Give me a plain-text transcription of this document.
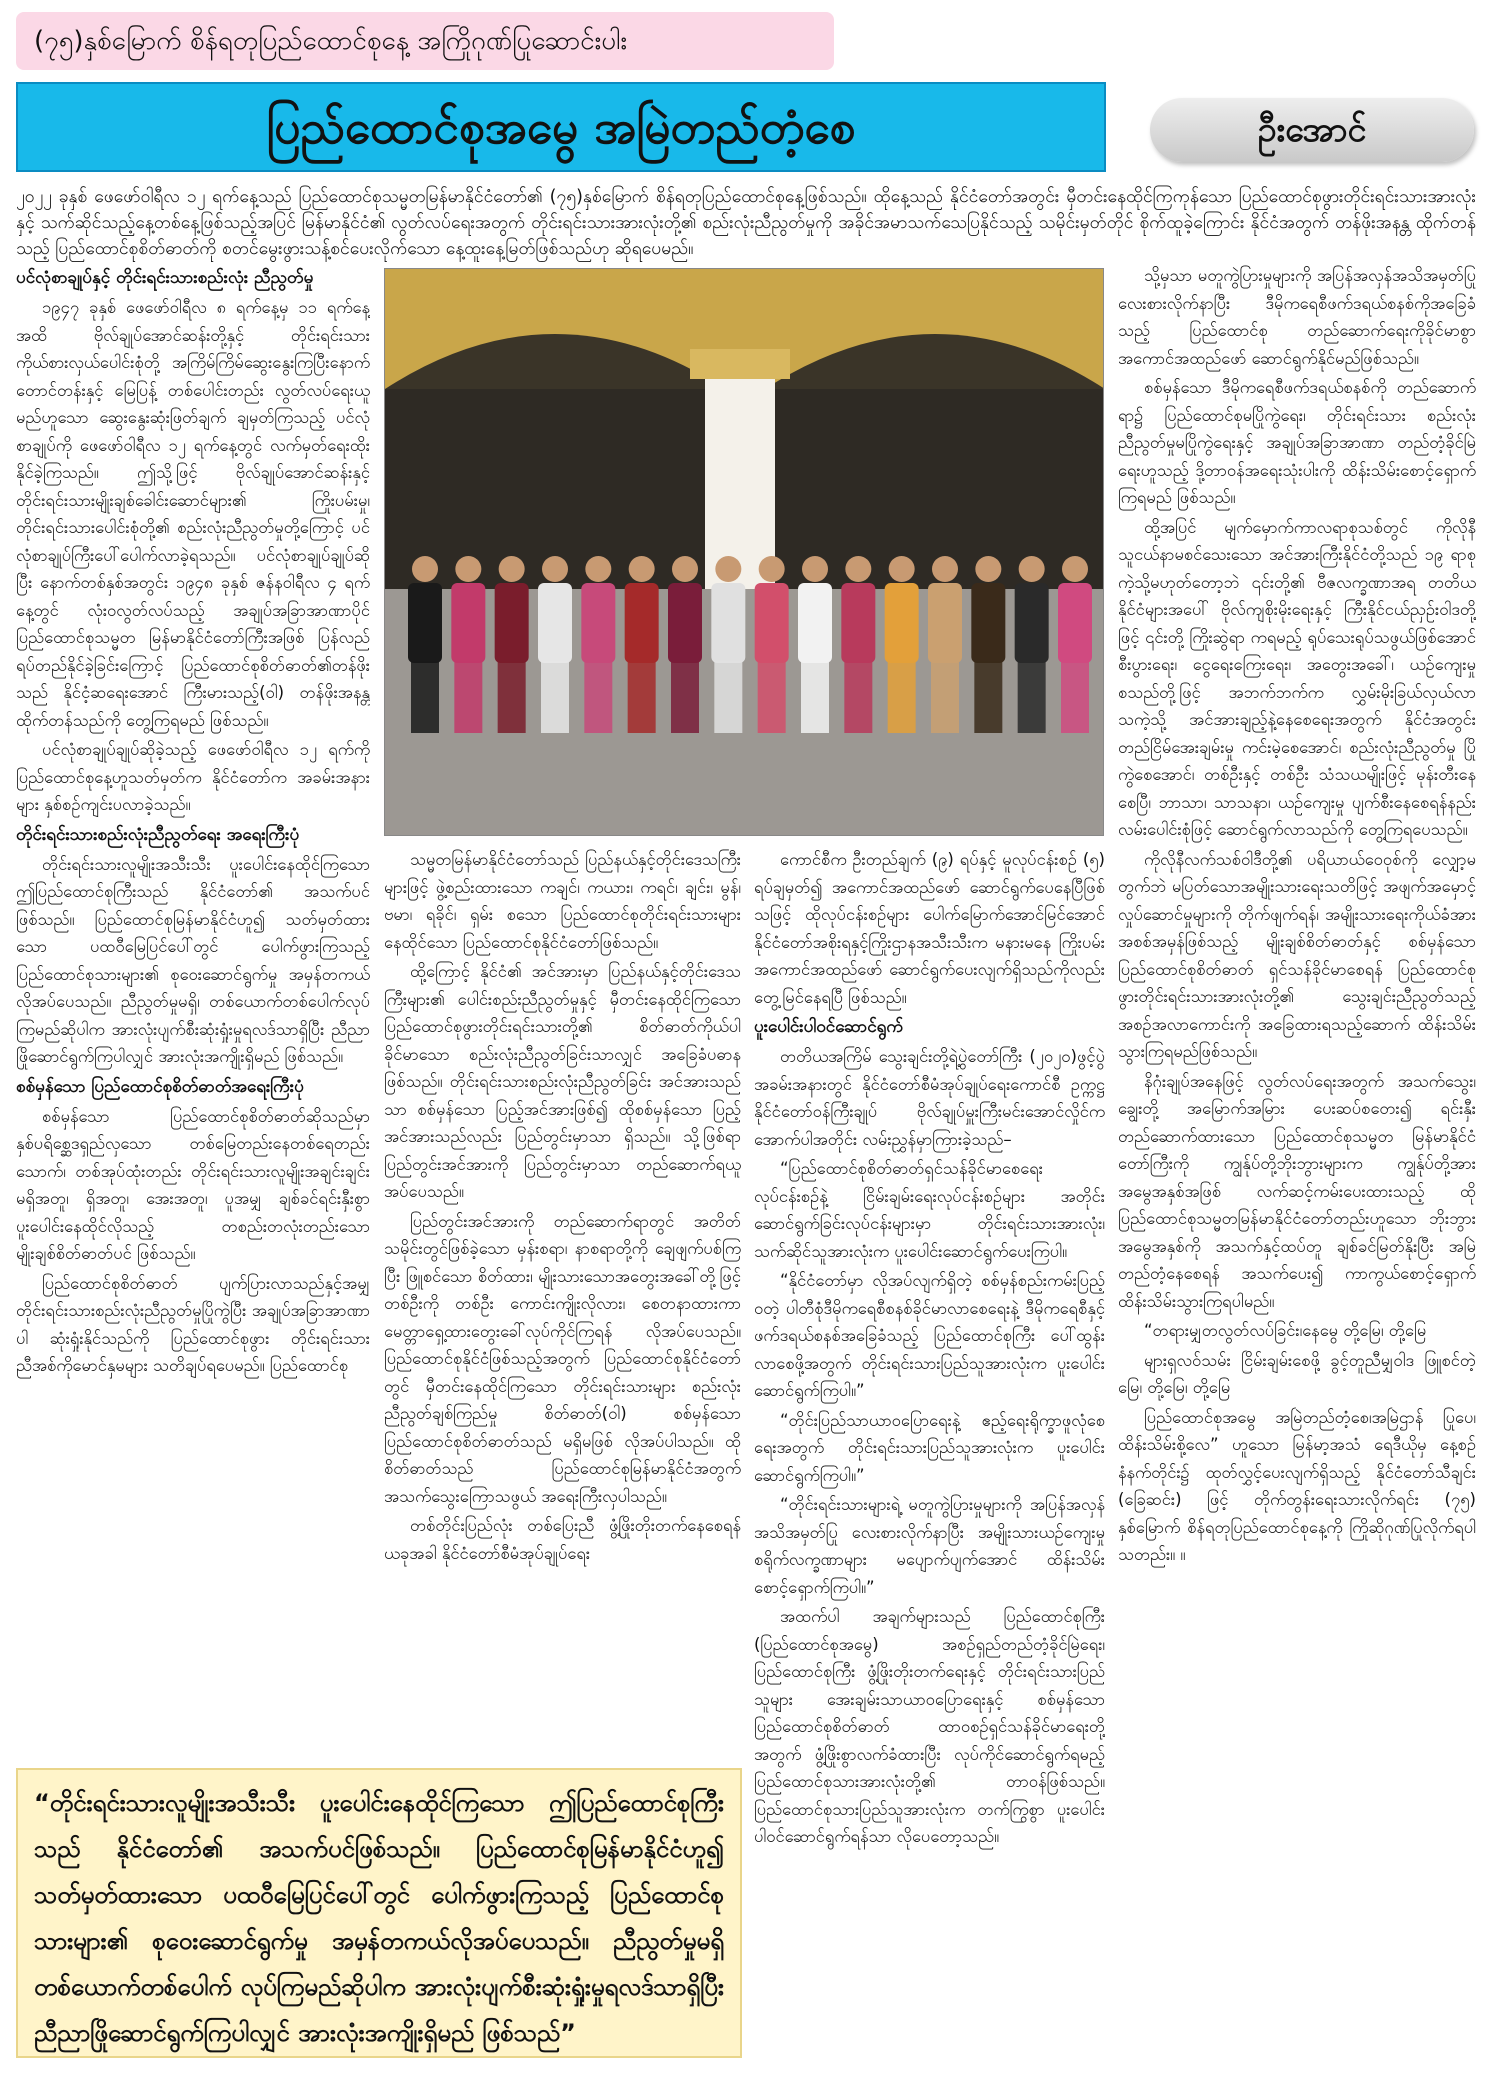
(၇၅)နှစ်မြောက် စိန်ရတုပြည်ထောင်စုနေ့ အကြိုဂုဏ်ပြုဆောင်းပါး
ပြည်ထောင်စုအမွေ အမြဲတည်တံ့စေ	ဦးအောင်
၂၀၂၂ ခုနှစ် ဖေဖော်ဝါရီလ ၁၂ ရက်နေ့သည် ပြည်ထောင်စုသမ္မတမြန်မာနိုင်ငံတော်၏ (၇၅)နှစ်မြောက် စိန်ရတုပြည်ထောင်စုနေ့ဖြစ်သည်။ ထိုနေ့သည် နိုင်ငံတော်အတွင်း မှီတင်းနေထိုင်ကြကုန်သော ပြည်ထောင်စုဖွားတိုင်းရင်းသားအားလုံးနှင့် သက်ဆိုင်သည့်နေ့တစ်နေ့ဖြစ်သည့်အပြင် မြန်မာနိုင်ငံ၏ လွတ်လပ်ရေးအတွက် တိုင်းရင်းသားအားလုံးတို့၏ စည်းလုံးညီညွတ်မှုကို အခိုင်အမာသက်သေပြနိုင်သည့် သမိုင်းမှတ်တိုင် စိုက်ထူခဲ့ကြောင်း နိုင်ငံအတွက် တန်ဖိုးအနန္တ ထိုက်တန်သည့် ပြည်ထောင်စုစိတ်ဓာတ်ကို စတင်မွေးဖွားသန့်စင်ပေးလိုက်သော နေ့ထူးနေ့မြတ်ဖြစ်သည်ဟု ဆိုရပေမည်။
ပင်လုံစာချုပ်နှင့် တိုင်းရင်းသားစည်းလုံး ညီညွတ်မှု

၁၉၄၇ ခုနှစ် ဖေဖော်ဝါရီလ ၈ ရက်နေ့မှ ၁၁ ရက်နေ့အထိ ဗိုလ်ချုပ်အောင်ဆန်းတို့နှင့် တိုင်းရင်းသားကိုယ်စားလှယ်ပေါင်းစုံတို့ အကြိမ်ကြိမ်ဆွေးနွေးကြပြီးနောက် တောင်တန်းနှင့် မြေပြန့် တစ်ပေါင်းတည်း လွတ်လပ်ရေးယူမည်ဟူသော ဆွေးနွေးဆုံးဖြတ်ချက် ချမှတ်ကြသည့် ပင်လုံစာချုပ်ကို ဖေဖော်ဝါရီလ ၁၂ ရက်နေ့တွင် လက်မှတ်ရေးထိုးနိုင်ခဲ့ကြသည်။ ဤသို့ဖြင့် ဗိုလ်ချုပ်အောင်ဆန်းနှင့် တိုင်းရင်းသားမျိုးချစ်ခေါင်းဆောင်များ၏ ကြိုးပမ်းမှု၊ တိုင်းရင်းသားပေါင်းစုံတို့၏ စည်းလုံးညီညွတ်မှုတို့ကြောင့် ပင်လုံစာချုပ်ကြီးပေါ်ပေါက်လာခဲ့ရသည်။ ပင်လုံစာချုပ်ချုပ်ဆိုပြီး နောက်တစ်နှစ်အတွင်း ၁၉၄၈ ခုနှစ် ဇန်နဝါရီလ ၄ ရက်နေ့တွင် လုံးဝလွတ်လပ်သည့် အချုပ်အခြာအာဏာပိုင် ပြည်ထောင်စုသမ္မတ မြန်မာနိုင်ငံတော်ကြီးအဖြစ် ပြန်လည်ရပ်တည်နိုင်ခဲ့ခြင်းကြောင့် ပြည်ထောင်စုစိတ်ဓာတ်၏တန်ဖိုးသည် နိုင်ငံ့ဆရေးအောင် ကြီးမားသည့်(ဝါ) တန်ဖိုးအနန္တထိုက်တန်သည်ကို တွေ့ကြရမည် ဖြစ်သည်။

ပင်လုံစာချုပ်ချုပ်ဆိုခဲ့သည့် ဖေဖော်ဝါရီလ ၁၂ ရက်ကို ပြည်ထောင်စုနေ့ဟူသတ်မှတ်က နိုင်ငံတော်က အခမ်းအနားများ နှစ်စဉ်ကျင်းပလာခဲ့သည်။

တိုင်းရင်းသားစည်းလုံးညီညွတ်ရေး အရေးကြီးပုံ

တိုင်းရင်းသားလူမျိုးအသီးသီး ပူးပေါင်းနေထိုင်ကြသော ဤပြည်ထောင်စုကြီးသည် နိုင်ငံတော်၏ အသက်ပင်ဖြစ်သည်။ ပြည်ထောင်စုမြန်မာနိုင်ငံဟူ၍ သတ်မှတ်ထားသော ပထဝီမြေပြင်ပေါ်တွင် ပေါက်ဖွားကြသည့် ပြည်ထောင်စုသားများ၏ စုဝေးဆောင်ရွက်မှု အမှန်တကယ်လိုအပ်ပေသည်။ ညီညွတ်မှုမရှိ၊ တစ်ယောက်တစ်ပေါက်လုပ်ကြမည်ဆိုပါက အားလုံးပျက်စီးဆုံးရှုံးမှုရလဒ်သာရှိပြီး ညီညာဖြိုဆောင်ရွက်ကြပါလျှင် အားလုံးအကျိုးရှိမည် ဖြစ်သည်။

စစ်မှန်သော ပြည်ထောင်စုစိတ်ဓာတ်အရေးကြီးပုံ

စစ်မှန်သော ပြည်ထောင်စုစိတ်ဓာတ်ဆိုသည်မှာ နှစ်ပရိစ္ဆေဒရှည်လှသော တစ်မြေတည်းနေတစ်ရေတည်းသောက်၊ တစ်အုပ်ထုံးတည်း တိုင်းရင်းသားလူမျိုးအချင်းချင်း မရှိအတူ၊ ရှိအတူ၊ အေးအတူ၊ ပူအမျှ ချစ်ခင်ရင်းနှီးစွာ ပူးပေါင်းနေထိုင်လိုသည့် တစည်းတလုံးတည်းသော မျိုးချစ်စိတ်ဓာတ်ပင် ဖြစ်သည်။

ပြည်ထောင်စုစိတ်ဓာတ် ပျက်ပြားလာသည်နှင့်အမျှ တိုင်းရင်းသားစည်းလုံးညီညွတ်မှုပြိုကွဲပြီး အချုပ်အခြာအာဏာပါ ဆုံးရှုံးနိုင်သည်ကို ပြည်ထောင်စုဖွား တိုင်းရင်းသားညီအစ်ကိုမောင်နှမများ သတိချပ်ရပေမည်။ ပြည်ထောင်စု

သမ္မတမြန်မာနိုင်ငံတော်သည် ပြည်နယ်နှင့်တိုင်းဒေသကြီးများဖြင့် ဖွဲ့စည်းထားသော ကချင်၊ ကယား၊ ကရင်၊ ချင်း၊ မွန်၊ ဗမာ၊ ရခိုင်၊ ရှမ်း စသော ပြည်ထောင်စုတိုင်းရင်းသားများ နေထိုင်သော ပြည်ထောင်စုနိုင်ငံတော်ဖြစ်သည်။

ထို့ကြောင့် နိုင်ငံ၏ အင်အားမှာ ပြည်နယ်နှင့်တိုင်းဒေသကြီးများ၏ ပေါင်းစည်းညီညွတ်မှုနှင့် မှီတင်းနေထိုင်ကြသော ပြည်ထောင်စုဖွားတိုင်းရင်းသားတို့၏ စိတ်ဓာတ်ကိုယ်ပါ ခိုင်မာသော စည်းလုံးညီညွတ်ခြင်းသာလျှင် အခြေခံပဓာနဖြစ်သည်။ တိုင်းရင်းသားစည်းလုံးညီညွတ်ခြင်း အင်အားသည်သာ စစ်မှန်သော ပြည့်အင်အားဖြစ်၍ ထိုစစ်မှန်သော ပြည့်အင်အားသည်လည်း ပြည်တွင်းမှာသာ ရှိသည်။ သို့ဖြစ်ရာ ပြည်တွင်းအင်အားကို ပြည်တွင်းမှာသာ တည်ဆောက်ရယူအပ်ပေသည်။

ပြည်တွင်းအင်အားကို တည်ဆောက်ရာတွင် အတိတ်သမိုင်းတွင်ဖြစ်ခဲ့သော မှန်းစရာ၊ နာစရာတို့ကို ချေဖျက်ပစ်ကြပြီး ဖြူစင်သော စိတ်ထား၊ မျိုးသားသောအတွေးအခေါ်တို့ဖြင့် တစ်ဦးကို တစ်ဦး ကောင်းကျိုးလိုလား၊ စေတနာထားကာ မေတ္တာရှေ့ထားတွေးခေါ်လုပ်ကိုင်ကြရန် လိုအပ်ပေသည်။ ပြည်ထောင်စုနိုင်ငံဖြစ်သည့်အတွက် ပြည်ထောင်စုနိုင်ငံတော်တွင် မှီတင်းနေထိုင်ကြသော တိုင်းရင်းသားများ စည်းလုံးညီညွတ်ချစ်ကြည်မှု စိတ်ဓာတ်(ဝါ) စစ်မှန်သော ပြည်ထောင်စုစိတ်ဓာတ်သည် မရှိမဖြစ် လိုအပ်ပါသည်။ ထိုစိတ်ဓာတ်သည် ပြည်ထောင်စုမြန်မာနိုင်ငံအတွက် အသက်သွေးကြောသဖွယ် အရေးကြီးလှပါသည်။

တစ်တိုင်းပြည်လုံး တစ်ပြေးညီ ဖွံ့ဖြိုးတိုးတက်နေစေရန် ယခုအခါ နိုင်ငံတော်စီမံအုပ်ချုပ်ရေး

ကောင်စီက ဦးတည်ချက် (၉) ရပ်နှင့် မူလုပ်ငန်းစဉ် (၅) ရပ်ချမှတ်၍ အကောင်အထည်ဖော် ဆောင်ရွက်ပေနေပြီဖြစ်သဖြင့် ထိုလုပ်ငန်းစဉ်များ ပေါက်မြောက်အောင်မြင်အောင် နိုင်ငံတော်အစိုးရနှင့်ကြိုးဌာနအသီးသီးက မနားမနေ ကြိုးပမ်းအကောင်အထည်ဖော် ဆောင်ရွက်ပေးလျက်ရှိသည်ကိုလည်း တွေ့မြင်နေရပြီ ဖြစ်သည်။

ပူးပေါင်းပါဝင်ဆောင်ရွက်

တတိယအကြိမ် သွေးချင်းတို့ရဲ့ပွဲတော်ကြီး (၂၀၂၀)ဖွင့်ပွဲအခမ်းအနားတွင် နိုင်ငံတော်စီမံအုပ်ချုပ်ရေးကောင်စီ ဥက္ကဋ္ဌ နိုင်ငံတော်ဝန်ကြီးချုပ် ဗိုလ်ချုပ်မှူးကြီးမင်းအောင်လှိုင်က အောက်ပါအတိုင်း လမ်းညွှန်မှာကြားခဲ့သည်–

“ပြည်ထောင်စုစိတ်ဓာတ်ရှင်သန်ခိုင်မာစေရေး လုပ်ငန်းစဉ်နဲ့ ငြိမ်းချမ်းရေးလုပ်ငန်းစဉ်များ အတိုင်း ဆောင်ရွက်ခြင်းလုပ်ငန်းများမှာ တိုင်းရင်းသားအားလုံး၊ သက်ဆိုင်သူအားလုံးက ပူးပေါင်းဆောင်ရွက်ပေးကြပါ။

“နိုင်ငံတော်မှာ လိုအပ်လျက်ရှိတဲ့ စစ်မှန်စည်းကမ်းပြည့်ဝတဲ့ ပါတီစုံဒီမိုကရေစီစနစ်ခိုင်မာလာစေရေးနဲ့ ဒီမိုကရေစီနှင့် ဖက်ဒရယ်စနစ်အခြေခံသည့် ပြည်ထောင်စုကြီး ပေါ်ထွန်းလာစေဖို့အတွက် တိုင်းရင်းသားပြည်သူအားလုံးက ပူးပေါင်းဆောင်ရွက်ကြပါ။”

“တိုင်းပြည်သာယာဝပြောရေးနဲ့ ဧည့်ရေးရိုက္ခာဖူလုံစေရေးအတွက် တိုင်းရင်းသားပြည်သူအားလုံးက ပူးပေါင်းဆောင်ရွက်ကြပါ။”

“တိုင်းရင်းသားများရဲ့ မတူကွဲပြားမှုများကို အပြန်အလှန်အသိအမှတ်ပြု လေးစားလိုက်နာပြီး အမျိုးသားယဉ်ကျေးမှု စရိုက်လက္ခဏာများ မပျောက်ပျက်အောင် ထိန်းသိမ်းစောင့်ရှောက်ကြပါ။”

အထက်ပါ အချက်များသည် ပြည်ထောင်စုကြီး (ပြည်ထောင်စုအမွေ) အစဉ်ရှည်တည်တံ့ခိုင်မြဲရေး၊ ပြည်ထောင်စုကြီး ဖွံ့ဖြိုးတိုးတက်ရေးနှင့် တိုင်းရင်းသားပြည်သူများ အေးချမ်းသာယာဝပြောရေးနှင့် စစ်မှန်သော ပြည်ထောင်စုစိတ်ဓာတ် ထာဝစဉ်ရှင်သန်ခိုင်မာရေးတို့အတွက် ဖွံ့ဖြိုးစွာလက်ခံထားပြီး လုပ်ကိုင်ဆောင်ရွက်ရမည့် ပြည်ထောင်စုသားအားလုံးတို့၏ တာဝန်ဖြစ်သည်။ ပြည်ထောင်စုသားပြည်သူအားလုံးက တက်ကြွစွာ ပူးပေါင်းပါဝင်ဆောင်ရွက်ရန်သာ လိုပေတော့သည်။

သို့မှသာ မတူကွဲပြားမှုများကို အပြန်အလှန်အသိအမှတ်ပြုလေးစားလိုက်နာပြီး ဒီမိုကရေစီဖက်ဒရယ်စနစ်ကိုအခြေခံသည့် ပြည်ထောင်စု တည်ဆောက်ရေးကိုခိုင်မာစွာ အကောင်အထည်ဖော် ဆောင်ရွက်နိုင်မည်ဖြစ်သည်။

စစ်မှန်သော ဒီမိုကရေစီဖက်ဒရယ်စနစ်ကို တည်ဆောက်ရာ၌ ပြည်ထောင်စုမပြိုကွဲရေး၊ တိုင်းရင်းသား စည်းလုံးညီညွတ်မှုမပြိုကွဲရေးနှင့် အချုပ်အခြာအာဏာ တည်တံ့ခိုင်မြဲရေးဟူသည့် ဒို့တာဝန်အရေးသုံးပါးကို ထိန်းသိမ်းစောင့်ရှောက်ကြရမည် ဖြစ်သည်။

ထို့အပြင် မျက်မှောက်ကာလရာစုသစ်တွင် ကိုလိုနီ သူငယ်နာမစင်သေးသော အင်အားကြီးနိုင်ငံတို့သည် ၁၉ ရာစုကဲ့သို့မဟုတ်တော့ဘဲ ၎င်းတို့၏ ဗီဇလက္ခဏာအရ တတိယနိုင်ငံများအပေါ် ဗိုလ်ကျစိုးမိုးရေးနှင့် ကြီးနိုင်ငယ်ညှဉ်းဝါဒတို့ဖြင့် ၎င်းတို့ ကြိုးဆွဲရာ ကရမည့် ရုပ်သေးရုပ်သဖွယ်ဖြစ်အောင် စီးပွားရေး၊ ငွေရေးကြေးရေး၊ အတွေးအခေါ်၊ ယဉ်ကျေးမှုစသည်တို့ဖြင့် အဘက်ဘက်က လွှမ်းမိုးခြယ်လှယ်လာသကဲ့သို့ အင်အားချည့်နဲ့နေစေရေးအတွက် နိုင်ငံအတွင်း တည်ငြိမ်အေးချမ်းမှု ကင်းမဲ့စေအောင်၊ စည်းလုံးညီညွတ်မှု ပြိုကွဲစေအောင်၊ တစ်ဦးနှင့် တစ်ဦး သံသယမျိုးဖြင့် မုန်းတီးနေစေပြီ၊ ဘာသာ၊ သာသနာ၊ ယဉ်ကျေးမှု ပျက်စီးနေစေရန်နည်းလမ်းပေါင်းစုံဖြင့် ဆောင်ရွက်လာသည်ကို တွေ့ကြရပေသည်။

ကိုလိုနီလက်သစ်ဝါဒီတို့၏ ပရိယာယ်ဝေဝုစ်ကို လျှော့မတွက်ဘဲ မပြတ်သောအမျိုးသားရေးသတိဖြင့် အဖျက်အမှောင့် လှုပ်ဆောင်မှုများကို တိုက်ဖျက်ရန်၊ အမျိုးသားရေးကိုယ်ခံအား အစစ်အမှန်ဖြစ်သည့် မျိုးချစ်စိတ်ဓာတ်နှင့် စစ်မှန်သော ပြည်ထောင်စုစိတ်ဓာတ် ရှင်သန်ခိုင်မာစေရန် ပြည်ထောင်စုဖွားတိုင်းရင်းသားအားလုံးတို့၏ သွေးချင်းညီညွတ်သည့် အစဉ်အလာကောင်းကို အခြေထားရသည့်ဆောက် ထိန်းသိမ်းသွားကြရမည်ဖြစ်သည်။

နိဂုံးချုပ်အနေဖြင့် လွတ်လပ်ရေးအတွက် အသက်သွေး၊ ချွေးတို့ အမြောက်အမြား ပေးဆပ်စတေး၍ ရင်းနှီးတည်ဆောက်ထားသော ပြည်ထောင်စုသမ္မတ မြန်မာနိုင်ငံတော်ကြီးကို ကျွန်ုပ်တို့ဘိုးဘွားများက ကျွန်ုပ်တို့အား အမွေအနှစ်အဖြစ် လက်ဆင့်ကမ်းပေးထားသည့် ထိုပြည်ထောင်စုသမ္မတမြန်မာနိုင်ငံတော်တည်းဟူသော ဘိုးဘွားအမွေအနှစ်ကို အသက်နှင့်ထပ်တူ ချစ်ခင်မြတ်နိုးပြီး အမြဲတည်တံ့နေစေရန် အသက်ပေး၍ ကာကွယ်စောင့်ရှောက်ထိန်းသိမ်းသွားကြရပါမည်။

“တရားမျှတလွတ်လပ်ခြင်း၊နေမွေ တို့မြေ၊ တို့မြေ

များရှလဝ်သမ်း ငြိမ်းချမ်းစေဖို့ ခွင့်တူညီမျှဝါဒ ဖြူစင်တဲ့မြေ၊ တို့မြေ၊ တို့မြေ

ပြည်ထောင်စုအမွေ အမြဲတည်တံ့စေ၊အမြဲဌာန် ပြုပေ၊ ထိန်းသိမ်းစို့လေ” ဟူသော မြန်မာ့အသံ ရေဒီယိုမှ နေ့စဉ်နံနက်တိုင်း၌ ထုတ်လွှင့်ပေးလျက်ရှိသည့် နိုင်ငံတော်သီချင်း (ခြေဆင်း) ဖြင့် တိုက်တွန်းရေးသားလိုက်ရင်း (၇၅) နှစ်မြောက် စိန်ရတုပြည်ထောင်စုနေ့ကို ကြိုဆိုဂုဏ်ပြုလိုက်ရပါသတည်း။ ။

“တိုင်းရင်းသားလူမျိုးအသီးသီး ပူးပေါင်းနေထိုင်ကြသော ဤပြည်ထောင်စုကြီးသည် နိုင်ငံတော်၏ အသက်ပင်ဖြစ်သည်။ ပြည်ထောင်စုမြန်မာနိုင်ငံဟူ၍ သတ်မှတ်ထားသော ပထဝီမြေပြင်ပေါ်တွင် ပေါက်ဖွားကြသည့် ပြည်ထောင်စုသားများ၏ စုဝေးဆောင်ရွက်မှု အမှန်တကယ်လိုအပ်ပေသည်။ ညီညွတ်မှုမရှိ တစ်ယောက်တစ်ပေါက် လုပ်ကြမည်ဆိုပါက အားလုံးပျက်စီးဆုံးရှုံးမှုရလဒ်သာရှိပြီး ညီညာဖြိုဆောင်ရွက်ကြပါလျှင် အားလုံးအကျိုးရှိမည် ဖြစ်သည်”
